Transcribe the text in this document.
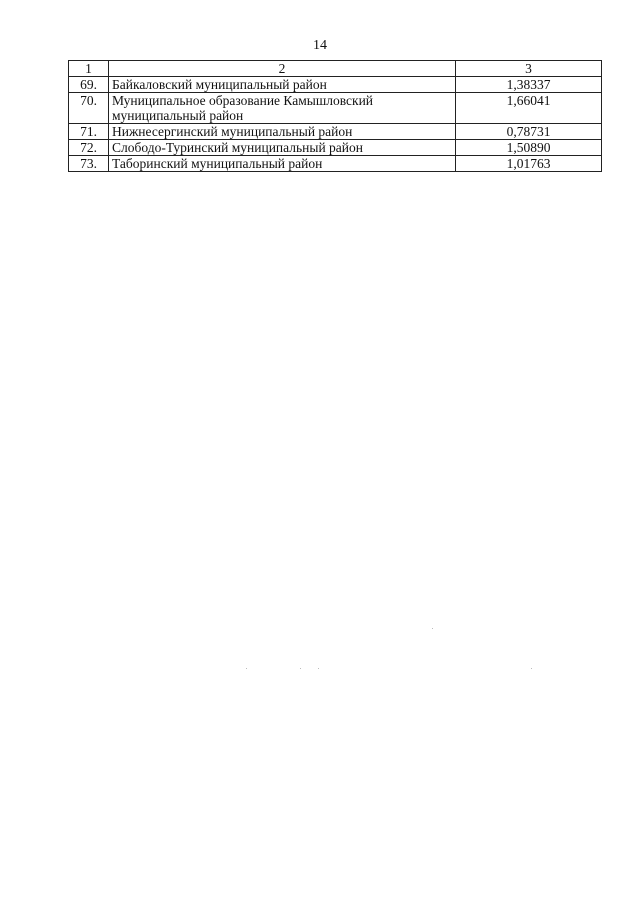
14
1	2	3
69.	Байкаловский муниципальный район	1,38337
70.	Муниципальное образование Камышловский муниципальный район	1,66041
71.	Нижнесергинский муниципальный район	0,78731
72.	Слободо-Туринский муниципальный район	1,50890
73.	Таборинский муниципальный район	1,01763
